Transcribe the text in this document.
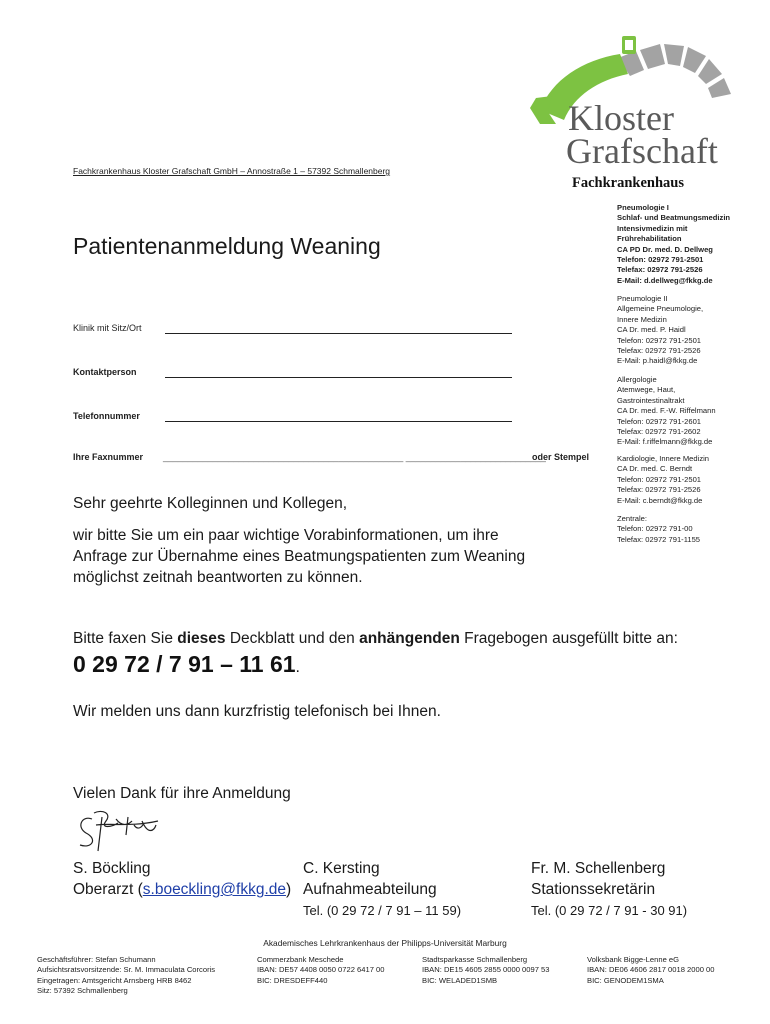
Fachkrankenhaus Kloster Grafschaft GmbH – Annostraße 1 – 57392 Schmallenberg
Kloster
Grafschaft
Fachkrankenhaus
Patientenanmeldung Weaning
Klinik mit Sitz/Ort
Kontaktperson
Telefonnummer
Ihre Faxnummer ________________________________________________ ____________________________
oder Stempel
Pneumologie I
Schlaf- und Beatmungsmedizin
Intensivmedizin mit
Frührehabilitation
CA PD Dr. med. D. Dellweg
Telefon: 02972 791-2501
Telefax: 02972 791-2526
E-Mail: d.dellweg@fkkg.de
Pneumologie II
Allgemeine Pneumologie,
Innere Medizin
CA Dr. med. P. Haidl
Telefon: 02972 791-2501
Telefax: 02972 791-2526
E-Mail: p.haidl@fkkg.de
Allergologie
Atemwege, Haut,
Gastrointestinaltrakt
CA Dr. med. F.-W. Riffelmann
Telefon: 02972 791-2601
Telefax: 02972 791-2602
E-Mail: f.riffelmann@fkkg.de
Kardiologie, Innere Medizin
CA Dr. med. C. Berndt
Telefon: 02972 791-2501
Telefax: 02972 791-2526
E-Mail: c.berndt@fkkg.de
Zentrale:
Telefon: 02972 791-00
Telefax: 02972 791-1155
Sehr geehrte Kolleginnen und Kollegen,
wir bitte Sie um ein paar wichtige Vorabinformationen, um ihre
Anfrage zur Übernahme eines Beatmungspatienten zum Weaning
möglichst zeitnah beantworten zu können.
Bitte faxen Sie dieses Deckblatt und den anhängenden Fragebogen ausgefüllt bitte an:
0 29 72 / 7 91 – 11 61.
Wir melden uns dann kurzfristig telefonisch bei Ihnen.
Vielen Dank für ihre Anmeldung
S. Böckling
Oberarzt (s.boeckling@fkkg.de)
C. Kersting
Aufnahmeabteilung
Tel. (0 29 72 / 7 91 – 11 59)
Fr. M. Schellenberg
Stationssekretärin
Tel. (0 29 72 / 7 91 - 30 91)
Akademisches Lehrkrankenhaus der Philipps-Universität Marburg
Geschäftsführer: Stefan Schumann
Aufsichtsratsvorsitzende: Sr. M. Immaculata Corcoris
Eingetragen: Amtsgericht Arnsberg HRB 8462
Sitz: 57392 Schmallenberg
Commerzbank Meschede
IBAN: DE57 4408 0050 0722 6417 00
BIC: DRESDEFF440
Stadtsparkasse Schmallenberg
IBAN: DE15 4605 2855 0000 0097 53
BIC: WELADED1SMB
Volksbank Bigge-Lenne eG
IBAN: DE06 4606 2817 0018 2000 00
BIC: GENODEM1SMA
